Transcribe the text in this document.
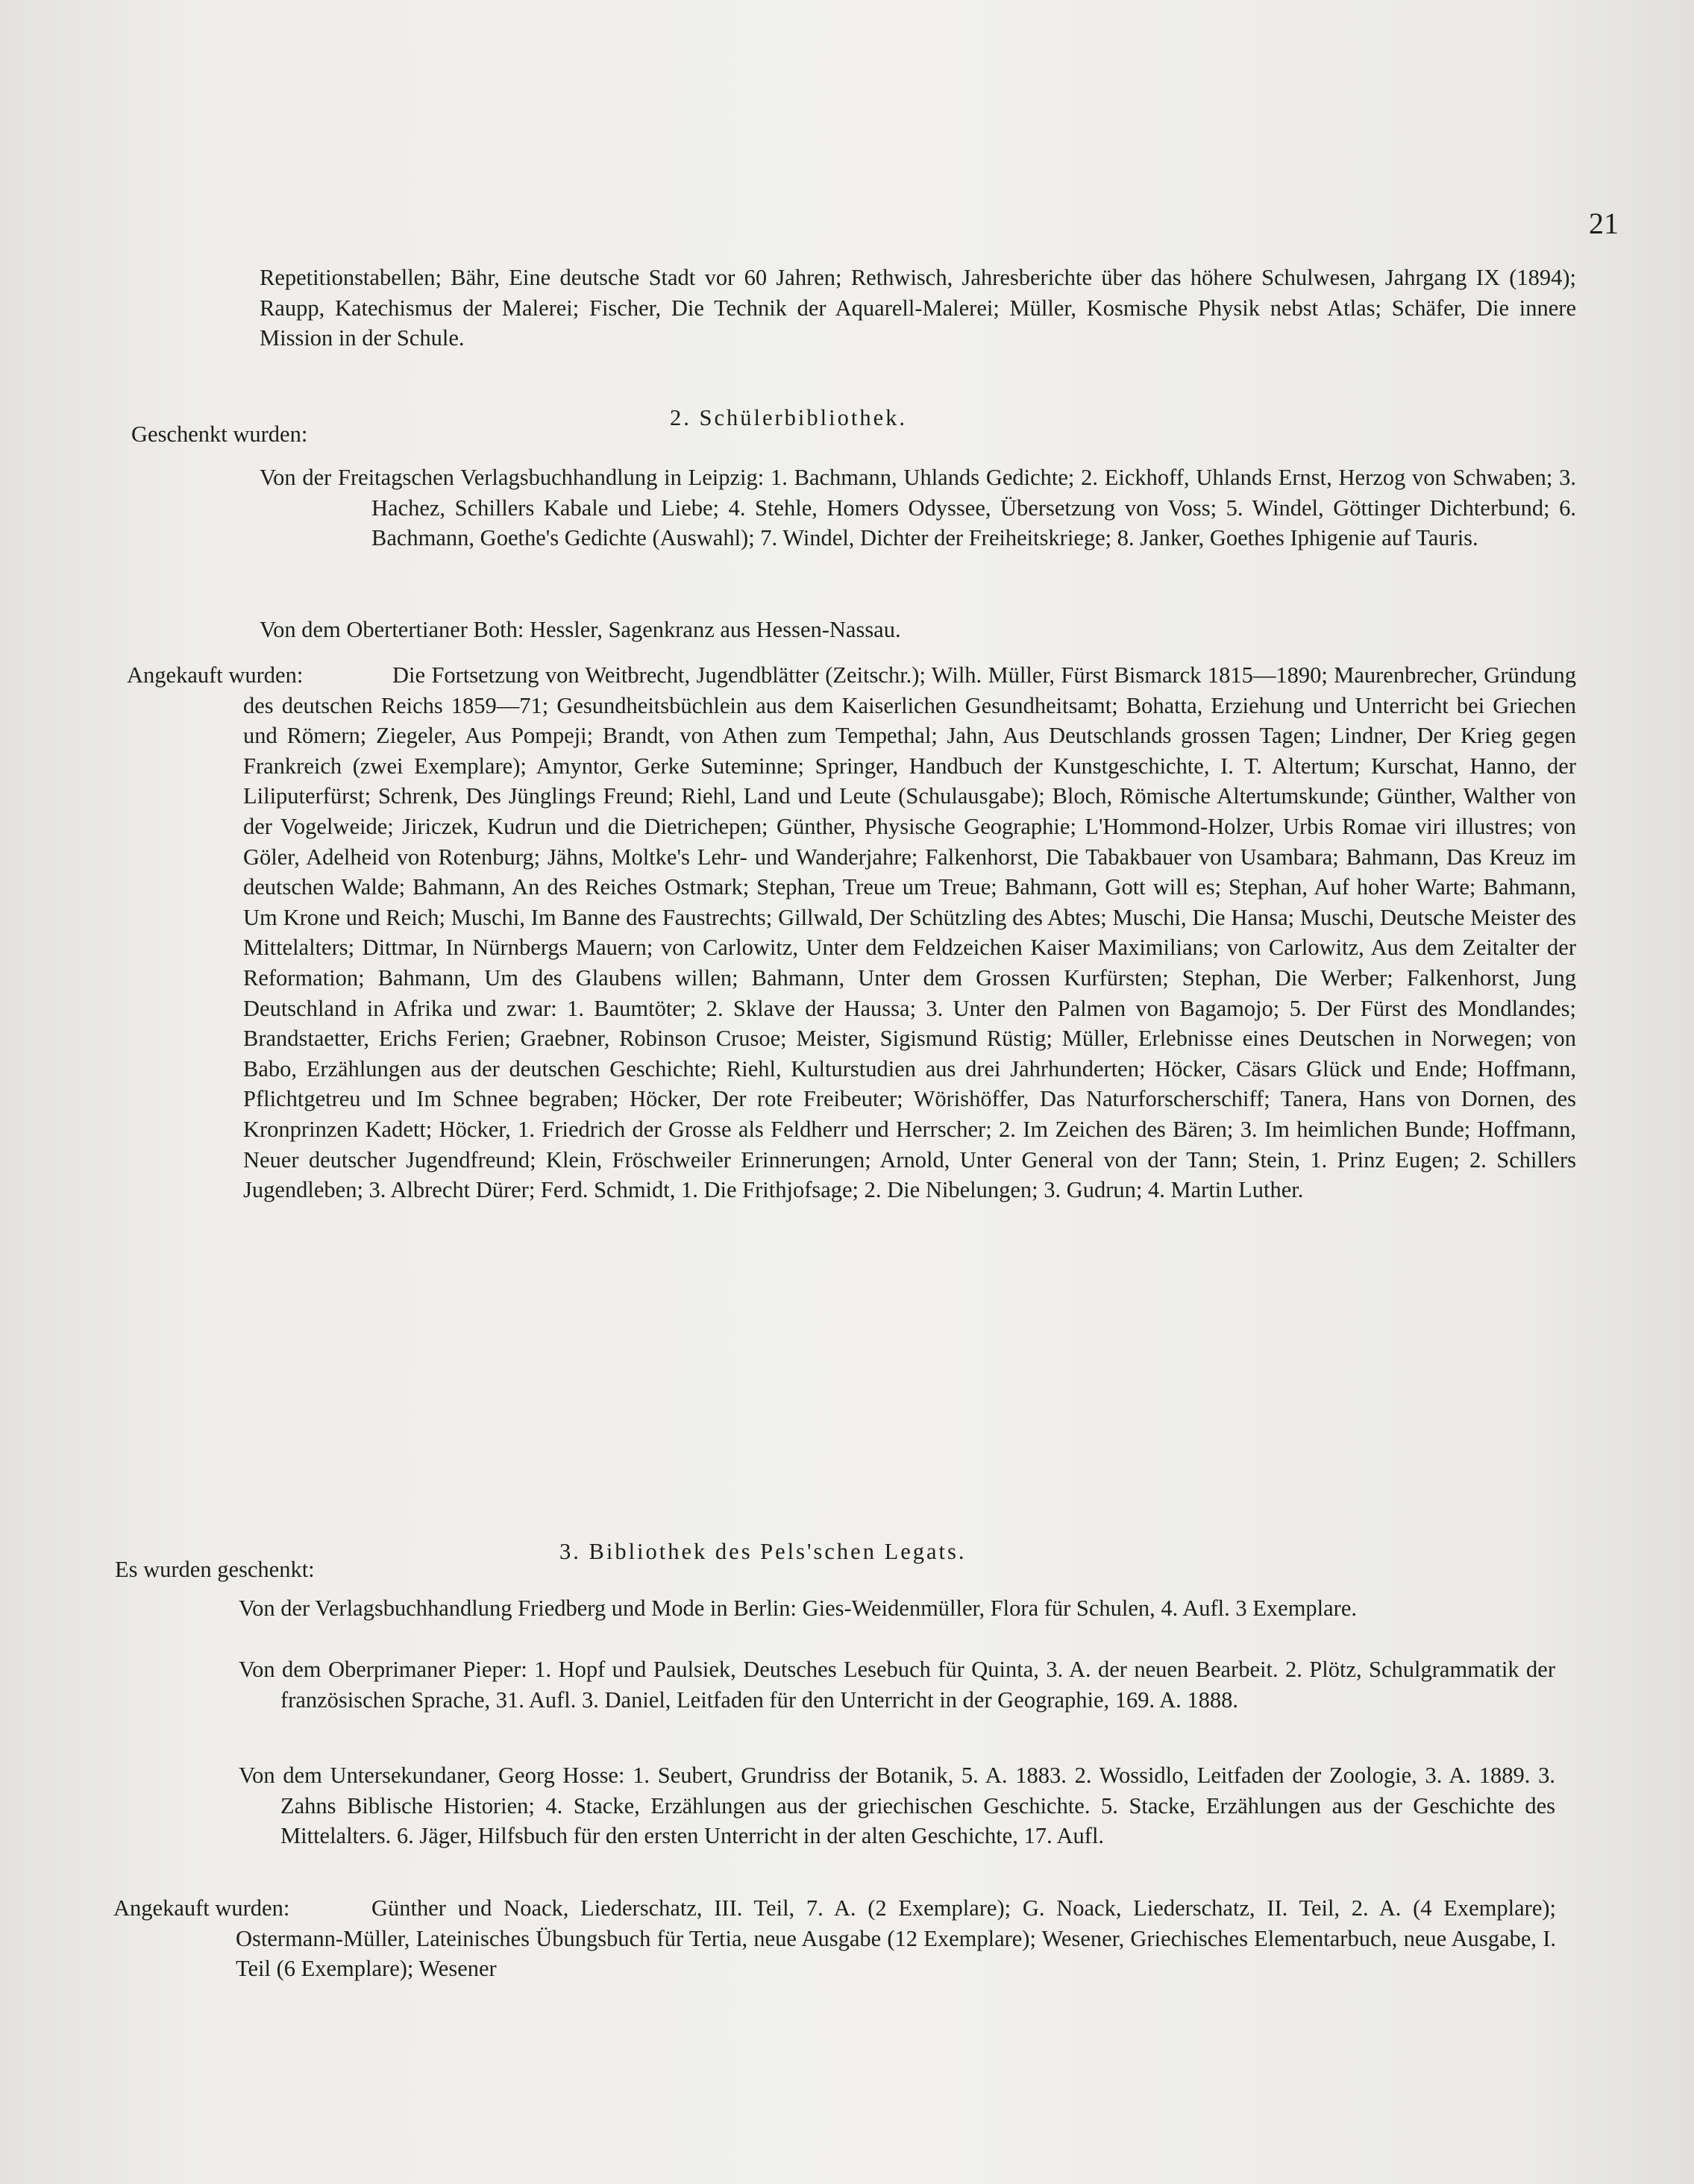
21

Repetitionstabellen; Bähr, Eine deutsche Stadt vor 60 Jahren; Rethwisch, Jahresberichte über das höhere Schulwesen, Jahrgang IX (1894); Raupp, Katechismus der Malerei; Fischer, Die Technik der Aquarell-Malerei; Müller, Kosmische Physik nebst Atlas; Schäfer, Die innere Mission in der Schule.

2. Schülerbibliothek.
Geschenkt wurden:

Von der Freitagschen Verlagsbuchhandlung in Leipzig: 1. Bachmann, Uhlands Gedichte; 2. Eickhoff, Uhlands Ernst, Herzog von Schwaben; 3. Hachez, Schillers Kabale und Liebe; 4. Stehle, Homers Odyssee, Übersetzung von Voss; 5. Windel, Göttinger Dichterbund; 6. Bachmann, Goethe's Gedichte (Auswahl); 7. Windel, Dichter der Freiheitskriege; 8. Janker, Goethes Iphigenie auf Tauris.

Von dem Obertertianer Both: Hessler, Sagenkranz aus Hessen-Nassau.

Angekauft wurden:	Die Fortsetzung von Weitbrecht, Jugendblätter (Zeitschr.); Wilh. Müller, Fürst Bismarck 1815—1890; Maurenbrecher, Gründung des deutschen Reichs 1859—71; Gesundheitsbüchlein aus dem Kaiserlichen Gesundheitsamt; Bohatta, Erziehung und Unterricht bei Griechen und Römern; Ziegeler, Aus Pompeji; Brandt, von Athen zum Tempethal; Jahn, Aus Deutschlands grossen Tagen; Lindner, Der Krieg gegen Frankreich (zwei Exemplare); Amyntor, Gerke Suteminne; Springer, Handbuch der Kunstgeschichte, I. T. Altertum; Kurschat, Hanno, der Liliputerfürst; Schrenk, Des Jünglings Freund; Riehl, Land und Leute (Schulausgabe); Bloch, Römische Altertumskunde; Günther, Walther von der Vogelweide; Jiriczek, Kudrun und die Dietrichepen; Günther, Physische Geographie; L'Hommond-Holzer, Urbis Romae viri illustres; von Göler, Adelheid von Rotenburg; Jähns, Moltke's Lehr- und Wanderjahre; Falkenhorst, Die Tabakbauer von Usambara; Bahmann, Das Kreuz im deutschen Walde; Bahmann, An des Reiches Ostmark; Stephan, Treue um Treue; Bahmann, Gott will es; Stephan, Auf hoher Warte; Bahmann, Um Krone und Reich; Muschi, Im Banne des Faustrechts; Gillwald, Der Schützling des Abtes; Muschi, Die Hansa; Muschi, Deutsche Meister des Mittelalters; Dittmar, In Nürnbergs Mauern; von Carlowitz, Unter dem Feldzeichen Kaiser Maximilians; von Carlowitz, Aus dem Zeitalter der Reformation; Bahmann, Um des Glaubens willen; Bahmann, Unter dem Grossen Kurfürsten; Stephan, Die Werber; Falkenhorst, Jung Deutschland in Afrika und zwar: 1. Baumtöter; 2. Sklave der Haussa; 3. Unter den Palmen von Bagamojo; 5. Der Fürst des Mondlandes; Brandstaetter, Erichs Ferien; Graebner, Robinson Crusoe; Meister, Sigismund Rüstig; Müller, Erlebnisse eines Deutschen in Norwegen; von Babo, Erzählungen aus der deutschen Geschichte; Riehl, Kulturstudien aus drei Jahrhunderten; Höcker, Cäsars Glück und Ende; Hoffmann, Pflichtgetreu und Im Schnee begraben; Höcker, Der rote Freibeuter; Wörishöffer, Das Naturforscherschiff; Tanera, Hans von Dornen, des Kronprinzen Kadett; Höcker, 1. Friedrich der Grosse als Feldherr und Herrscher; 2. Im Zeichen des Bären; 3. Im heimlichen Bunde; Hoffmann, Neuer deutscher Jugendfreund; Klein, Fröschweiler Erinnerungen; Arnold, Unter General von der Tann; Stein, 1. Prinz Eugen; 2. Schillers Jugendleben; 3. Albrecht Dürer; Ferd. Schmidt, 1. Die Frithjofsage; 2. Die Nibelungen; 3. Gudrun; 4. Martin Luther.

3. Bibliothek des Pels'schen Legats.
Es wurden geschenkt:

Von der Verlagsbuchhandlung Friedberg und Mode in Berlin: Gies-Weidenmüller, Flora für Schulen, 4. Aufl. 3 Exemplare.

Von dem Oberprimaner Pieper: 1. Hopf und Paulsiek, Deutsches Lesebuch für Quinta, 3. A. der neuen Bearbeit. 2. Plötz, Schulgrammatik der französischen Sprache, 31. Aufl. 3. Daniel, Leitfaden für den Unterricht in der Geographie, 169. A. 1888.

Von dem Untersekundaner, Georg Hosse: 1. Seubert, Grundriss der Botanik, 5. A. 1883. 2. Wossidlo, Leitfaden der Zoologie, 3. A. 1889. 3. Zahns Biblische Historien; 4. Stacke, Erzählungen aus der griechischen Geschichte. 5. Stacke, Erzählungen aus der Geschichte des Mittelalters. 6. Jäger, Hilfsbuch für den ersten Unterricht in der alten Geschichte, 17. Aufl.

Angekauft wurden:	Günther und Noack, Liederschatz, III. Teil, 7. A. (2 Exemplare); G. Noack, Liederschatz, II. Teil, 2. A. (4 Exemplare); Ostermann-Müller, Lateinisches Übungsbuch für Tertia, neue Ausgabe (12 Exemplare); Wesener, Griechisches Elementarbuch, neue Ausgabe, I. Teil (6 Exemplare); Wesener
